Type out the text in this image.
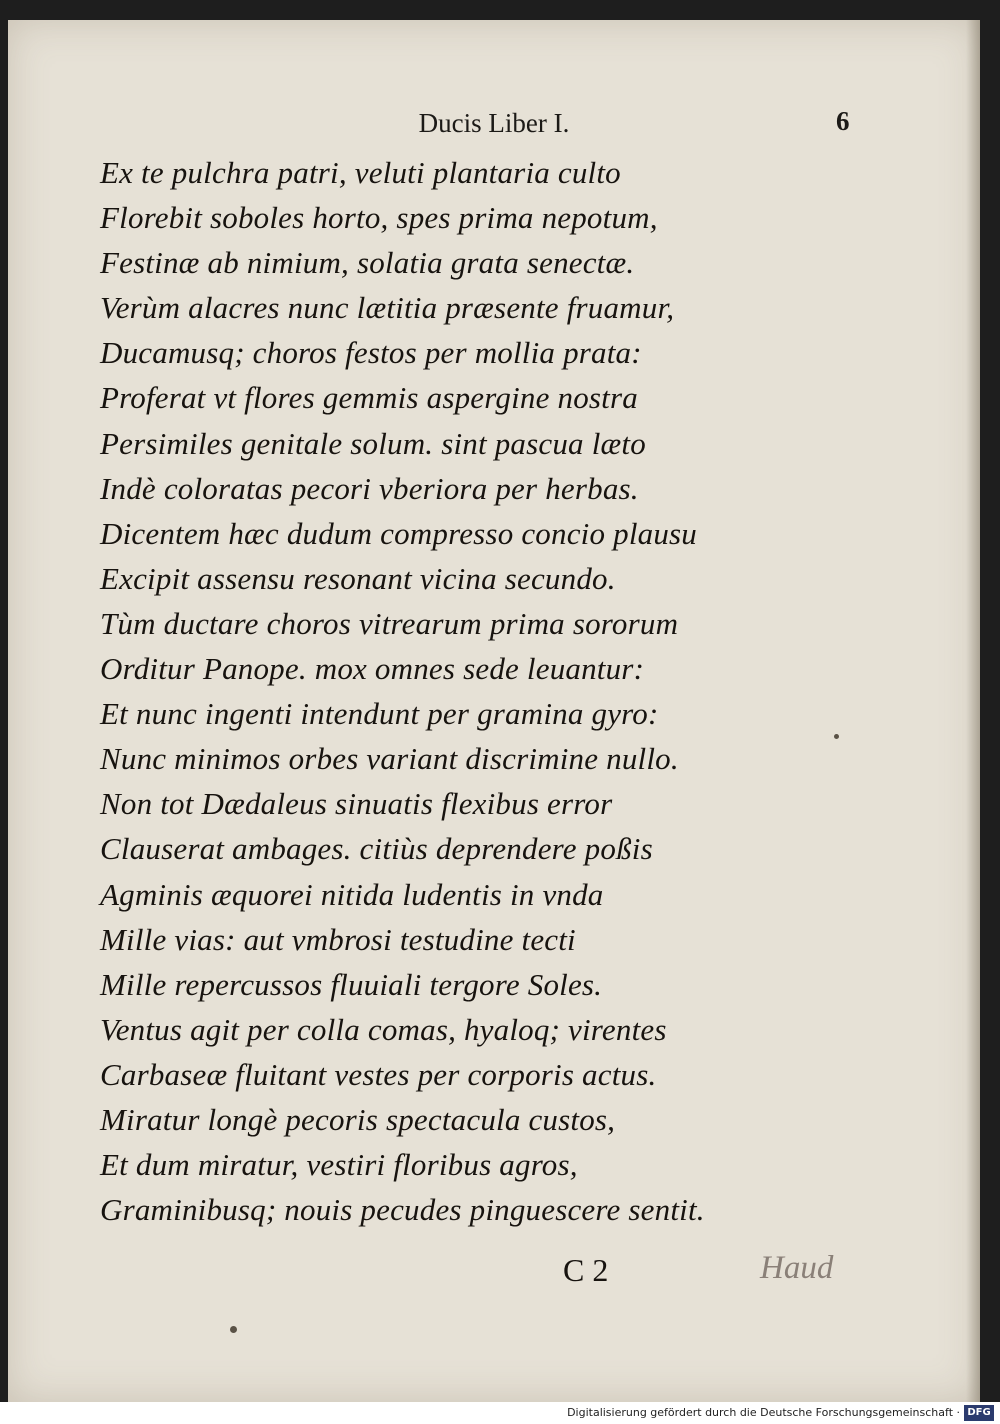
Ducis Liber I.	6
Ex te pulchra patri, veluti plantaria culto
Florebit soboles horto, spes prima nepotum,
Festinæ ab nimium, solatia grata senectæ.
Verùm alacres nunc lætitia præsente fruamur,
Ducamusq; choros festos per mollia prata:
Proferat vt flores gemmis aspergine nostra
Persimiles genitale solum. sint pascua læto
Indè coloratas pecori vberiora per herbas.
Dicentem hæc dudum compresso concio plausu
Excipit assensu resonant vicina secundo.
Tùm ductare choros vitrearum prima sororum
Orditur Panope. mox omnes sede leuantur:
Et nunc ingenti intendunt per gramina gyro:
Nunc minimos orbes variant discrimine nullo.
Non tot Dædaleus sinuatis flexibus error
Clauserat ambages. citiùs deprendere poßis
Agminis æquorei nitida ludentis in vnda
Mille vias: aut vmbrosi testudine tecti
Mille repercussos fluuiali tergore Soles.
Ventus agit per colla comas, hyaloq; virentes
Carbaseæ fluitant vestes per corporis actus.
Miratur longè pecoris spectacula custos,
Et dum miratur, vestiri floribus agros,
Graminibusq; nouis pecudes pinguescere sentit.
C 2	Haud
Digitalisierung gefördert durch die Deutsche Forschungsgemeinschaft · DFG
